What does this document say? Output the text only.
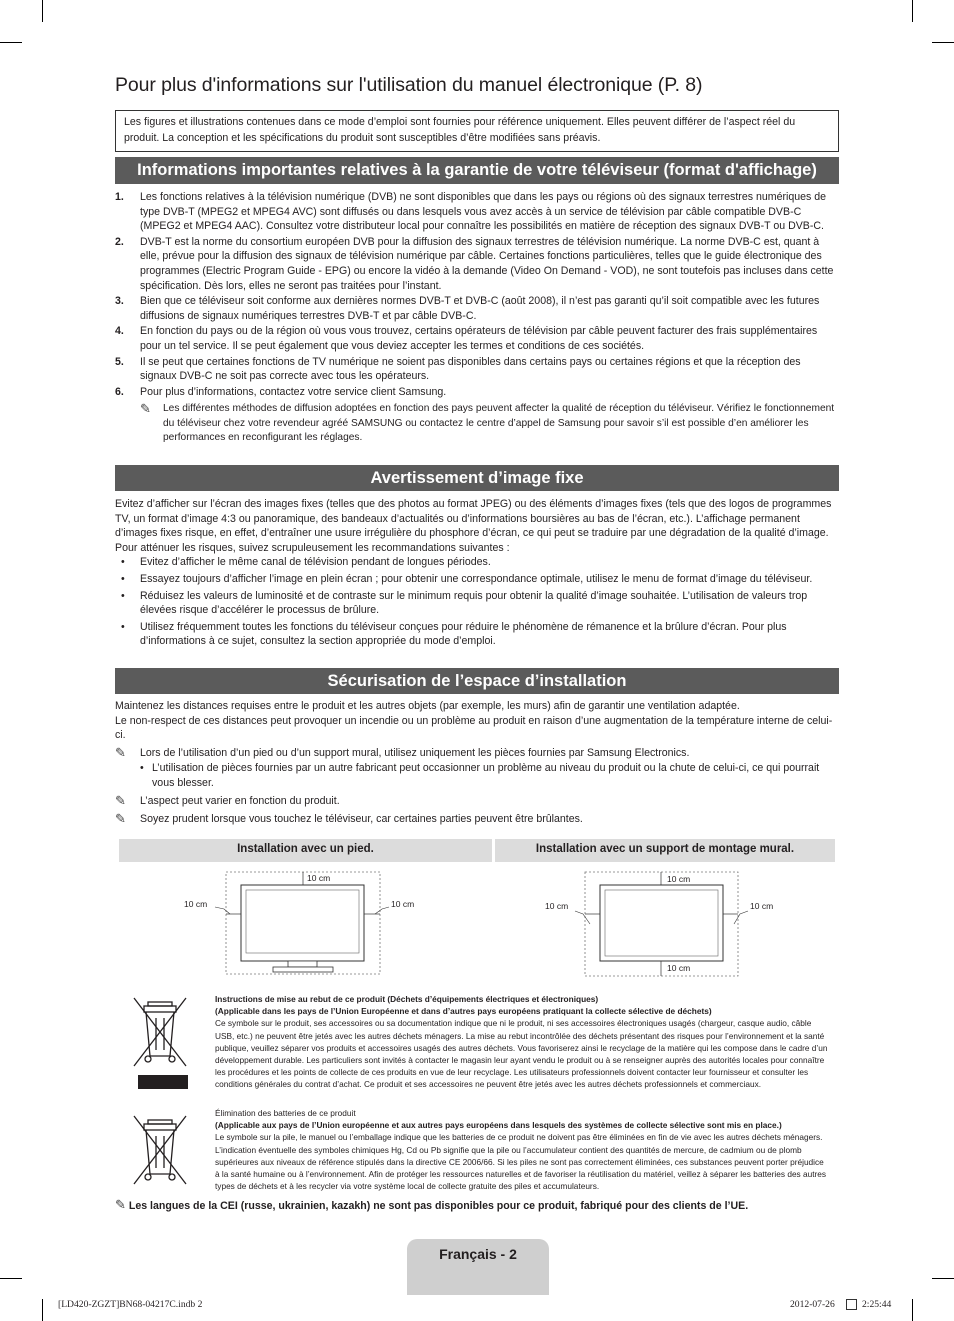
Pour plus d'informations sur l'utilisation du manuel électronique (P. 8)
Les figures et illustrations contenues dans ce mode d’emploi sont fournies pour référence uniquement. Elles peuvent différer de l’aspect réel du produit. La conception et les spécifications du produit sont susceptibles d’être modifiées sans préavis.
Informations importantes relatives à la garantie de votre téléviseur (format d'affichage)
1. Les fonctions relatives à la télévision numérique (DVB) ne sont disponibles que dans les pays ou régions où des signaux terrestres numériques de type DVB-T (MPEG2 et MPEG4 AVC) sont diffusés ou dans lesquels vous avez accès à un service de télévision par câble compatible DVB-C (MPEG2 et MPEG4 AAC). Consultez votre distributeur local pour connaître les possibilités en matière de réception des signaux DVB-T ou DVB-C.
2. DVB-T est la norme du consortium européen DVB pour la diffusion des signaux terrestres de télévision numérique. La norme DVB-C est, quant à elle, prévue pour la diffusion des signaux de télévision numérique par câble. Certaines fonctions particulières, telles que le guide électronique des programmes (Electric Program Guide - EPG) ou encore la vidéo à la demande (Video On Demand - VOD), ne sont toutefois pas incluses dans cette spécification. Dès lors, elles ne seront pas traitées pour l’instant.
3. Bien que ce téléviseur soit conforme aux dernières normes DVB-T et DVB-C (août 2008), il n’est pas garanti qu’il soit compatible avec les futures diffusions de signaux numériques terrestres DVB-T et par câble DVB-C.
4. En fonction du pays ou de la région où vous vous trouvez, certains opérateurs de télévision par câble peuvent facturer des frais supplémentaires pour un tel service. Il se peut également que vous deviez accepter les termes et conditions de ces sociétés.
5. Il se peut que certaines fonctions de TV numérique ne soient pas disponibles dans certains pays ou certaines régions et que la réception des signaux DVB-C ne soit pas correcte avec tous les opérateurs.
6. Pour plus d’informations, contactez votre service client Samsung.
✎ Les différentes méthodes de diffusion adoptées en fonction des pays peuvent affecter la qualité de réception du téléviseur. Vérifiez le fonctionnement du téléviseur chez votre revendeur agréé SAMSUNG ou contactez le centre d’appel de Samsung pour savoir s’il est possible d’en améliorer les performances en reconfigurant les réglages.
Avertissement d’image fixe
Evitez d’afficher sur l’écran des images fixes (telles que des photos au format JPEG) ou des éléments d’images fixes (tels que des logos de programmes TV, un format d’image 4:3 ou panoramique, des bandeaux d’actualités ou d’informations boursières au bas de l’écran, etc.). L’affichage permanent d’images fixes risque, en effet, d’entraîner une usure irrégulière du phosphore d’écran, ce qui peut se traduire par une dégradation de la qualité d’image. Pour atténuer les risques, suivez scrupuleusement les recommandations suivantes :
• Evitez d’afficher le même canal de télévision pendant de longues périodes.
• Essayez toujours d’afficher l’image en plein écran ; pour obtenir une correspondance optimale, utilisez le menu de format d’image du téléviseur.
• Réduisez les valeurs de luminosité et de contraste sur le minimum requis pour obtenir la qualité d’image souhaitée. L’utilisation de valeurs trop élevées risque d’accélérer le processus de brûlure.
• Utilisez fréquemment toutes les fonctions du téléviseur conçues pour réduire le phénomène de rémanence et la brûlure d’écran. Pour plus d’informations à ce sujet, consultez la section appropriée du mode d’emploi.
Sécurisation de l’espace d’installation
Maintenez les distances requises entre le produit et les autres objets (par exemple, les murs) afin de garantir une ventilation adaptée.
Le non-respect de ces distances peut provoquer un incendie ou un problème au produit en raison d’une augmentation de la température interne de celui-ci.
✎ Lors de l’utilisation d’un pied ou d’un support mural, utilisez uniquement les pièces fournies par Samsung Electronics.
• L’utilisation de pièces fournies par un autre fabricant peut occasionner un problème au niveau du produit ou la chute de celui-ci, ce qui pourrait vous blesser.
✎ L’aspect peut varier en fonction du produit.
✎ Soyez prudent lorsque vous touchez le téléviseur, car certaines parties peuvent être brûlantes.
Installation avec un pied.	Installation avec un support de montage mural.
10 cm
10 cm	10 cm
10 cm
10 cm
10 cm	10 cm
Instructions de mise au rebut de ce produit (Déchets d’équipements électriques et électroniques)
(Applicable dans les pays de l’Union Européenne et dans d’autres pays européens pratiquant la collecte sélective de déchets)
Ce symbole sur le produit, ses accessoires ou sa documentation indique que ni le produit, ni ses accessoires électroniques usagés (chargeur, casque audio, câble USB, etc.) ne peuvent être jetés avec les autres déchets ménagers. La mise au rebut incontrôlée des déchets présentant des risques pour l’environnement et la santé publique, veuillez séparer vos produits et accessoires usagés des autres déchets. Vous favoriserez ainsi le recyclage de la matière qui les compose dans le cadre d’un développement durable. Les particuliers sont invités à contacter le magasin leur ayant vendu le produit ou à se renseigner auprès des autorités locales pour connaître les procédures et les points de collecte de ces produits en vue de leur recyclage. Les utilisateurs professionnels doivent contacter leur fournisseur et consulter les conditions générales du contrat d’achat. Ce produit et ses accessoires ne peuvent être jetés avec les autres déchets professionnels et commerciaux.
Élimination des batteries de ce produit
(Applicable aux pays de l’Union européenne et aux autres pays européens dans lesquels des systèmes de collecte sélective sont mis en place.)
Le symbole sur la pile, le manuel ou l’emballage indique que les batteries de ce produit ne doivent pas être éliminées en fin de vie avec les autres déchets ménagers. L’indication éventuelle des symboles chimiques Hg, Cd ou Pb signifie que la pile ou l’accumulateur contient des quantités de mercure, de cadmium ou de plomb supérieures aux niveaux de référence stipulés dans la directive CE 2006/66. Si les piles ne sont pas correctement éliminées, ces substances peuvent porter préjudice à la santé humaine ou à l’environnement. Afin de protéger les ressources naturelles et de favoriser la réutilisation du matériel, veillez à séparer les batteries des autres types de déchets et à les recycler via votre système local de collecte gratuite des piles et accumulateurs.
✎ Les langues de la CEI (russe, ukrainien, kazakh) ne sont pas disponibles pour ce produit, fabriqué pour des clients de l’UE.
Français - 2
[LD420-ZGZT]BN68-04217C.indb 2	2012-07-26	2:25:44
